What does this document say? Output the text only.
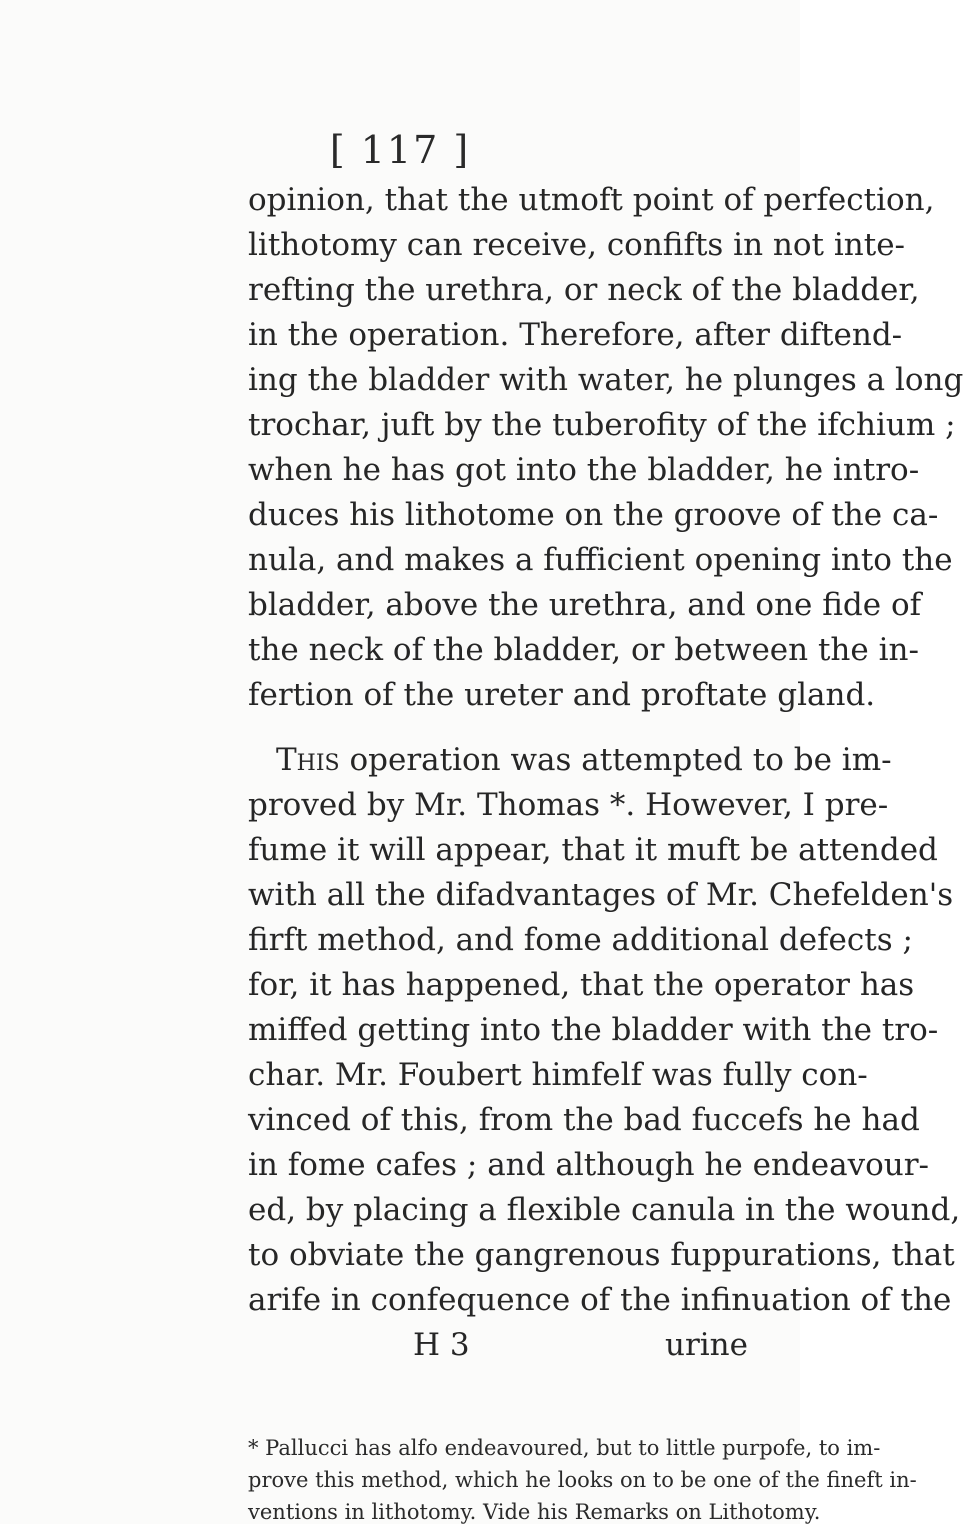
[ 117 ]
opinion, that the utmoft point of perfection,
lithotomy can receive, confifts in not inte-
refting the urethra, or neck of the bladder,
in the operation. Therefore, after diftend-
ing the bladder with water, he plunges a long
trochar, juft by the tuberofity of the ifchium ;
when he has got into the bladder, he intro-
duces his lithotome on the groove of the ca-
nula, and makes a fufficient opening into the
bladder, above the urethra, and one fide of
the neck of the bladder, or between the in-
fertion of the ureter and proftate gland.
This operation was attempted to be im-
proved by Mr. Thomas *. However, I pre-
fume it will appear, that it muft be attended
with all the difadvantages of Mr. Chefelden's
firft method, and fome additional defects ;
for, it has happened, that the operator has
miffed getting into the bladder with the tro-
char. Mr. Foubert himfelf was fully con-
vinced of this, from the bad fuccefs he had
in fome cafes ; and although he endeavour-
ed, by placing a flexible canula in the wound,
to obviate the gangrenous fuppurations, that
arife in confequence of the infinuation of the
H 3	urine
* Pallucci has alfo endeavoured, but to little purpofe, to im-
prove this method, which he looks on to be one of the fineft in-
ventions in lithotomy. Vide his Remarks on Lithotomy.
